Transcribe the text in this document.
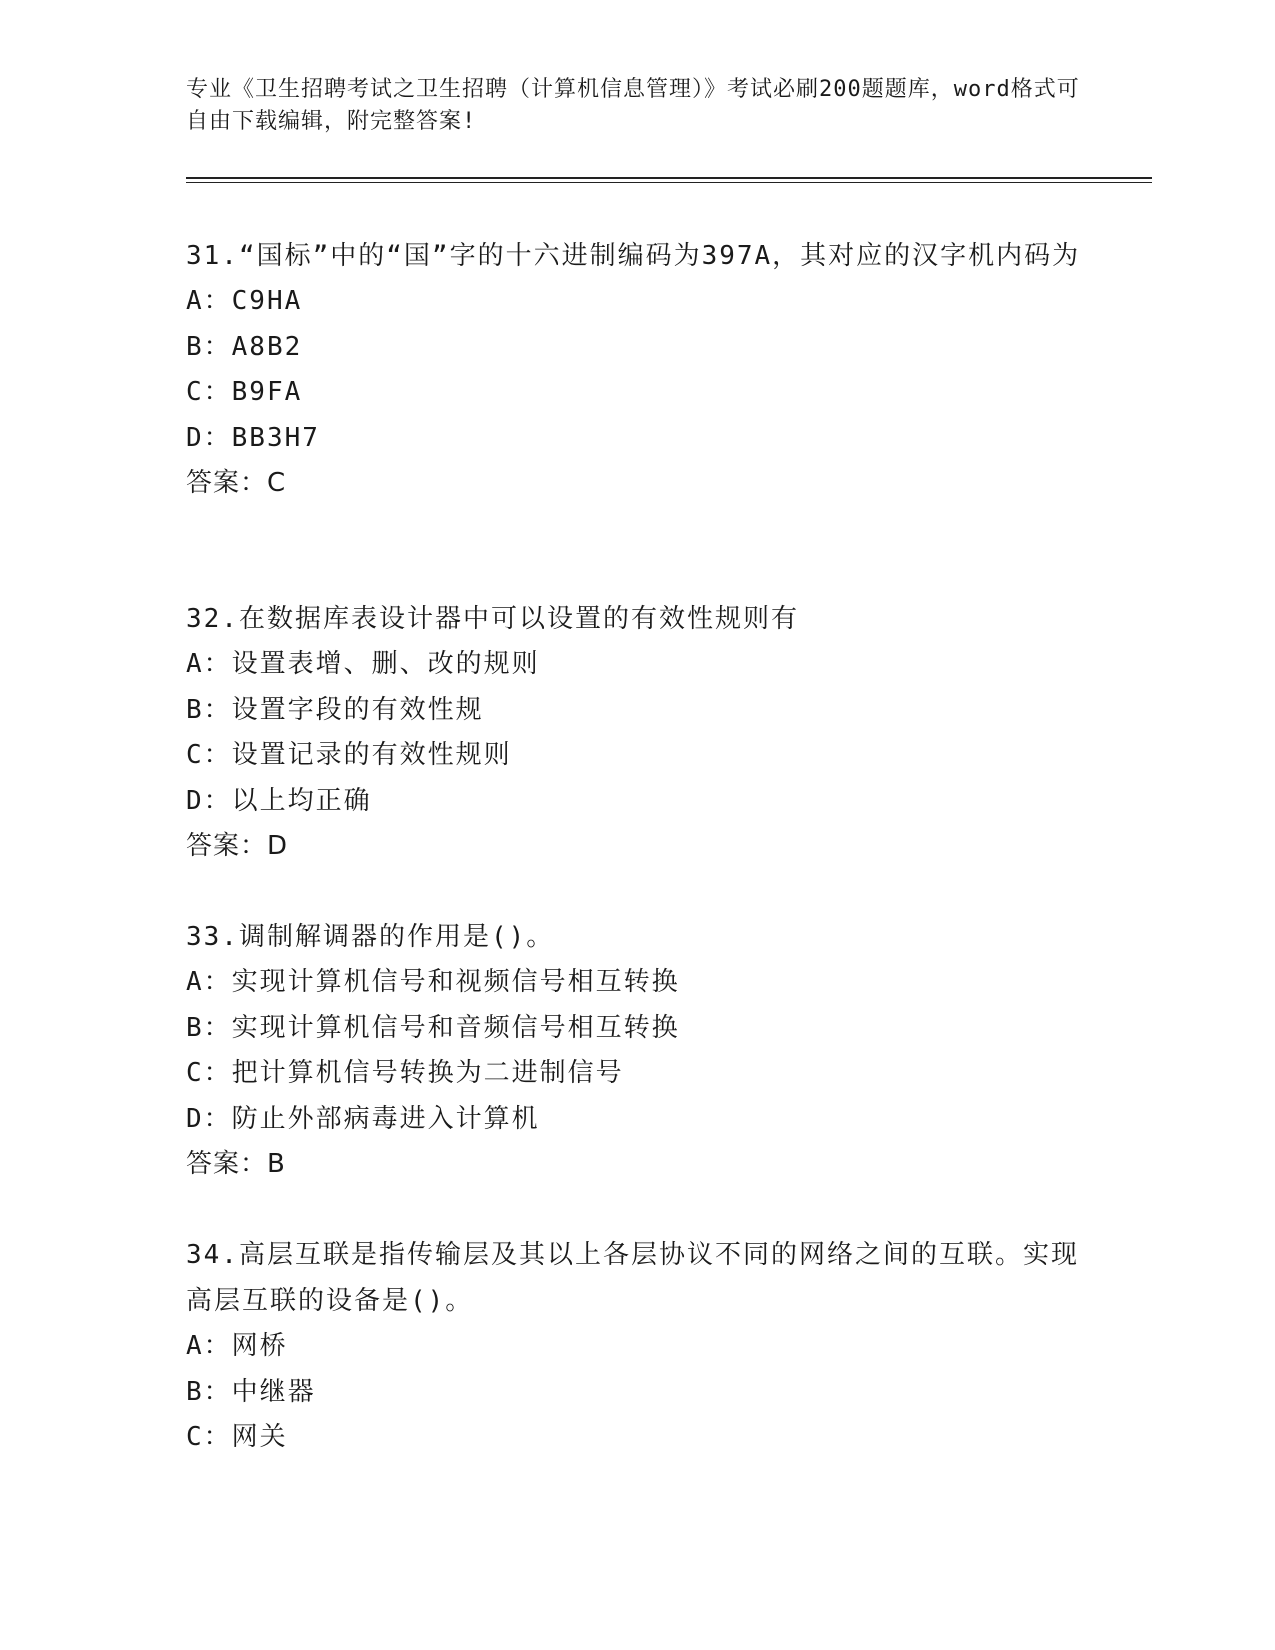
专业《卫生招聘考试之卫生招聘（计算机信息管理）》考试必刷200题题库，word格式可自由下载编辑，附完整答案!

31.“国标”中的“国”字的十六进制编码为397A，其对应的汉字机内码为

A：C9HA

B：A8B2

C：B9FA

D：BB3H7

答案：C

32.在数据库表设计器中可以设置的有效性规则有

A：设置表增、删、改的规则

B：设置字段的有效性规

C：设置记录的有效性规则

D：以上均正确

答案：D

33.调制解调器的作用是()。

A：实现计算机信号和视频信号相互转换

B：实现计算机信号和音频信号相互转换

C：把计算机信号转换为二进制信号

D：防止外部病毒进入计算机

答案：B

34.高层互联是指传输层及其以上各层协议不同的网络之间的互联。实现高层互联的设备是()。

A：网桥

B：中继器

C：网关
